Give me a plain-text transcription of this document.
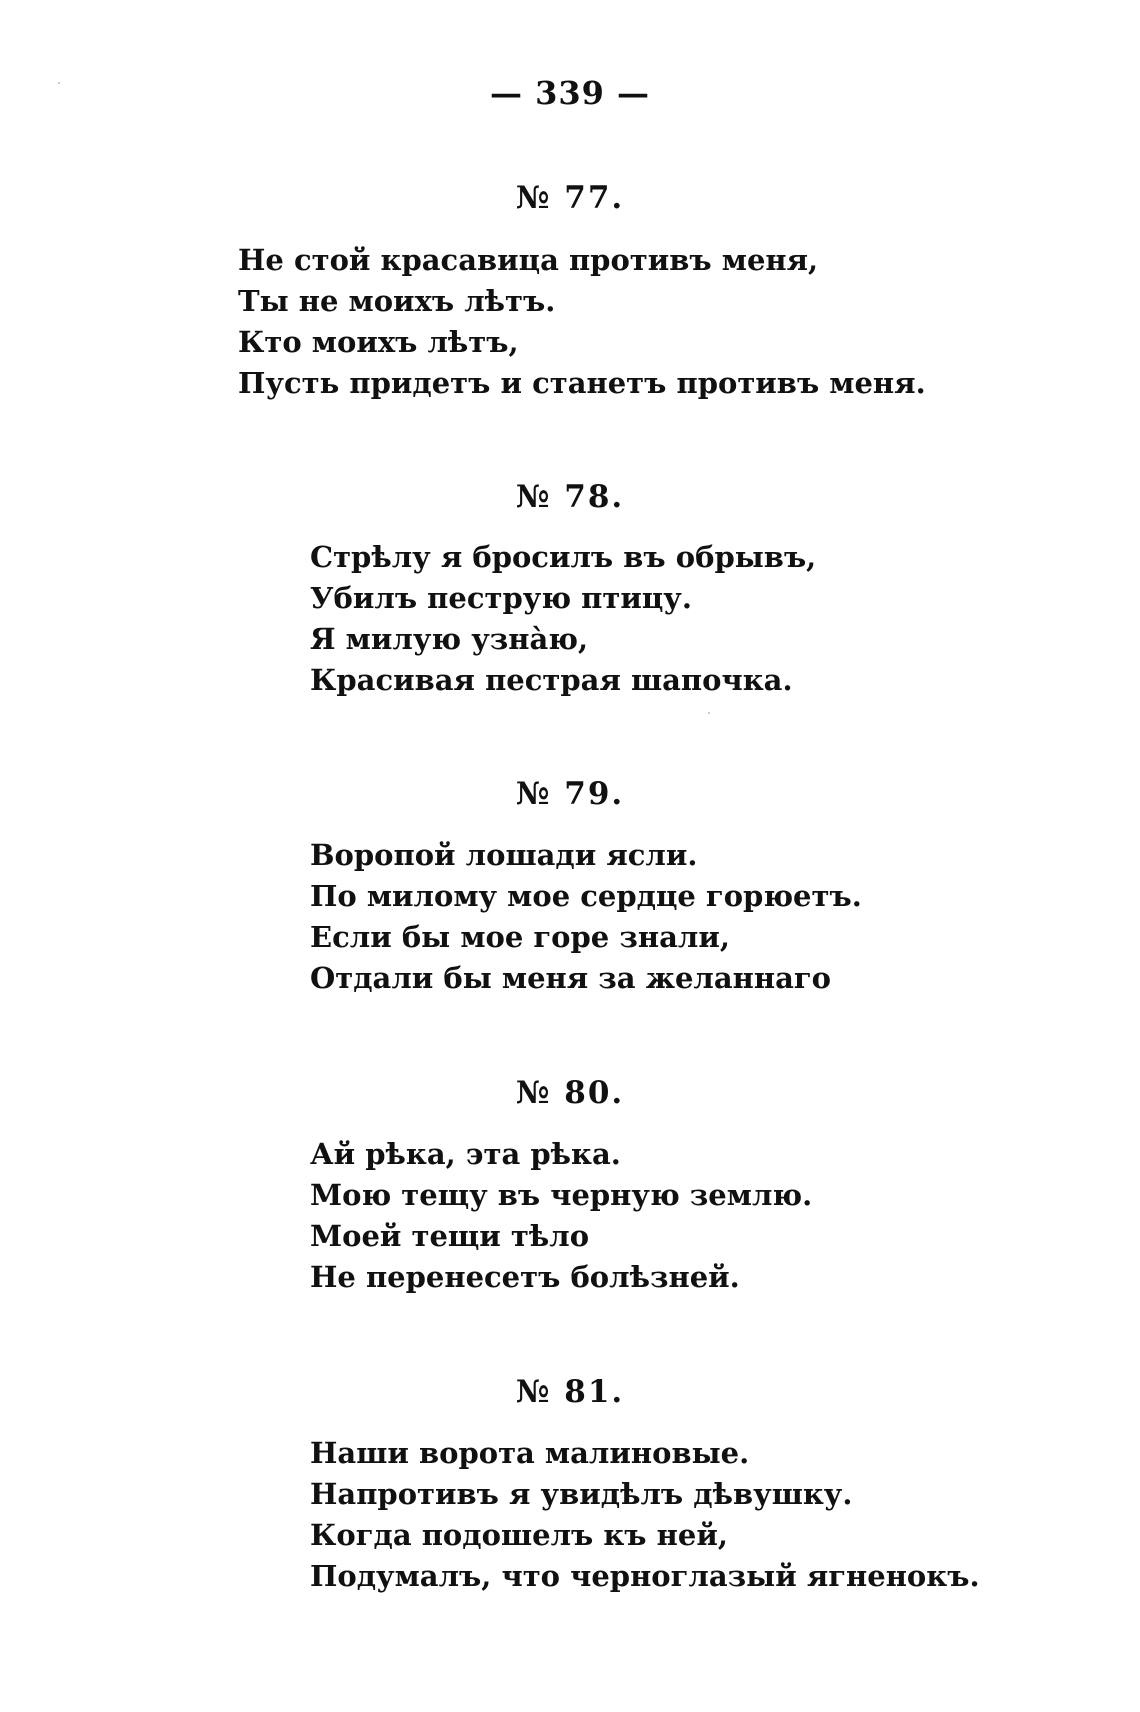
— 339 —
№ 77.
Не стой красавица противъ меня,
Ты не моихъ лѣтъ.
Кто моихъ лѣтъ,
Пусть придетъ и станетъ противъ меня.
№ 78.
Стрѣлу я бросилъ въ обрывъ,
Убилъ пеструю птицу.
Я милую узнàю,
Красивая пестрая шапочка.
№ 79.
Воропой лошади ясли.
По милому мое сердце горюетъ.
Если бы мое горе знали,
Отдали бы меня за желаннаго
№ 80.
Ай рѣка, эта рѣка.
Мою тещу въ черную землю.
Моей тещи тѣло
Не перенесетъ болѣзней.
№ 81.
Наши ворота малиновые.
Напротивъ я увидѣлъ дѣвушку.
Когда подошелъ къ ней,
Подумалъ, что черноглазый ягненокъ.
